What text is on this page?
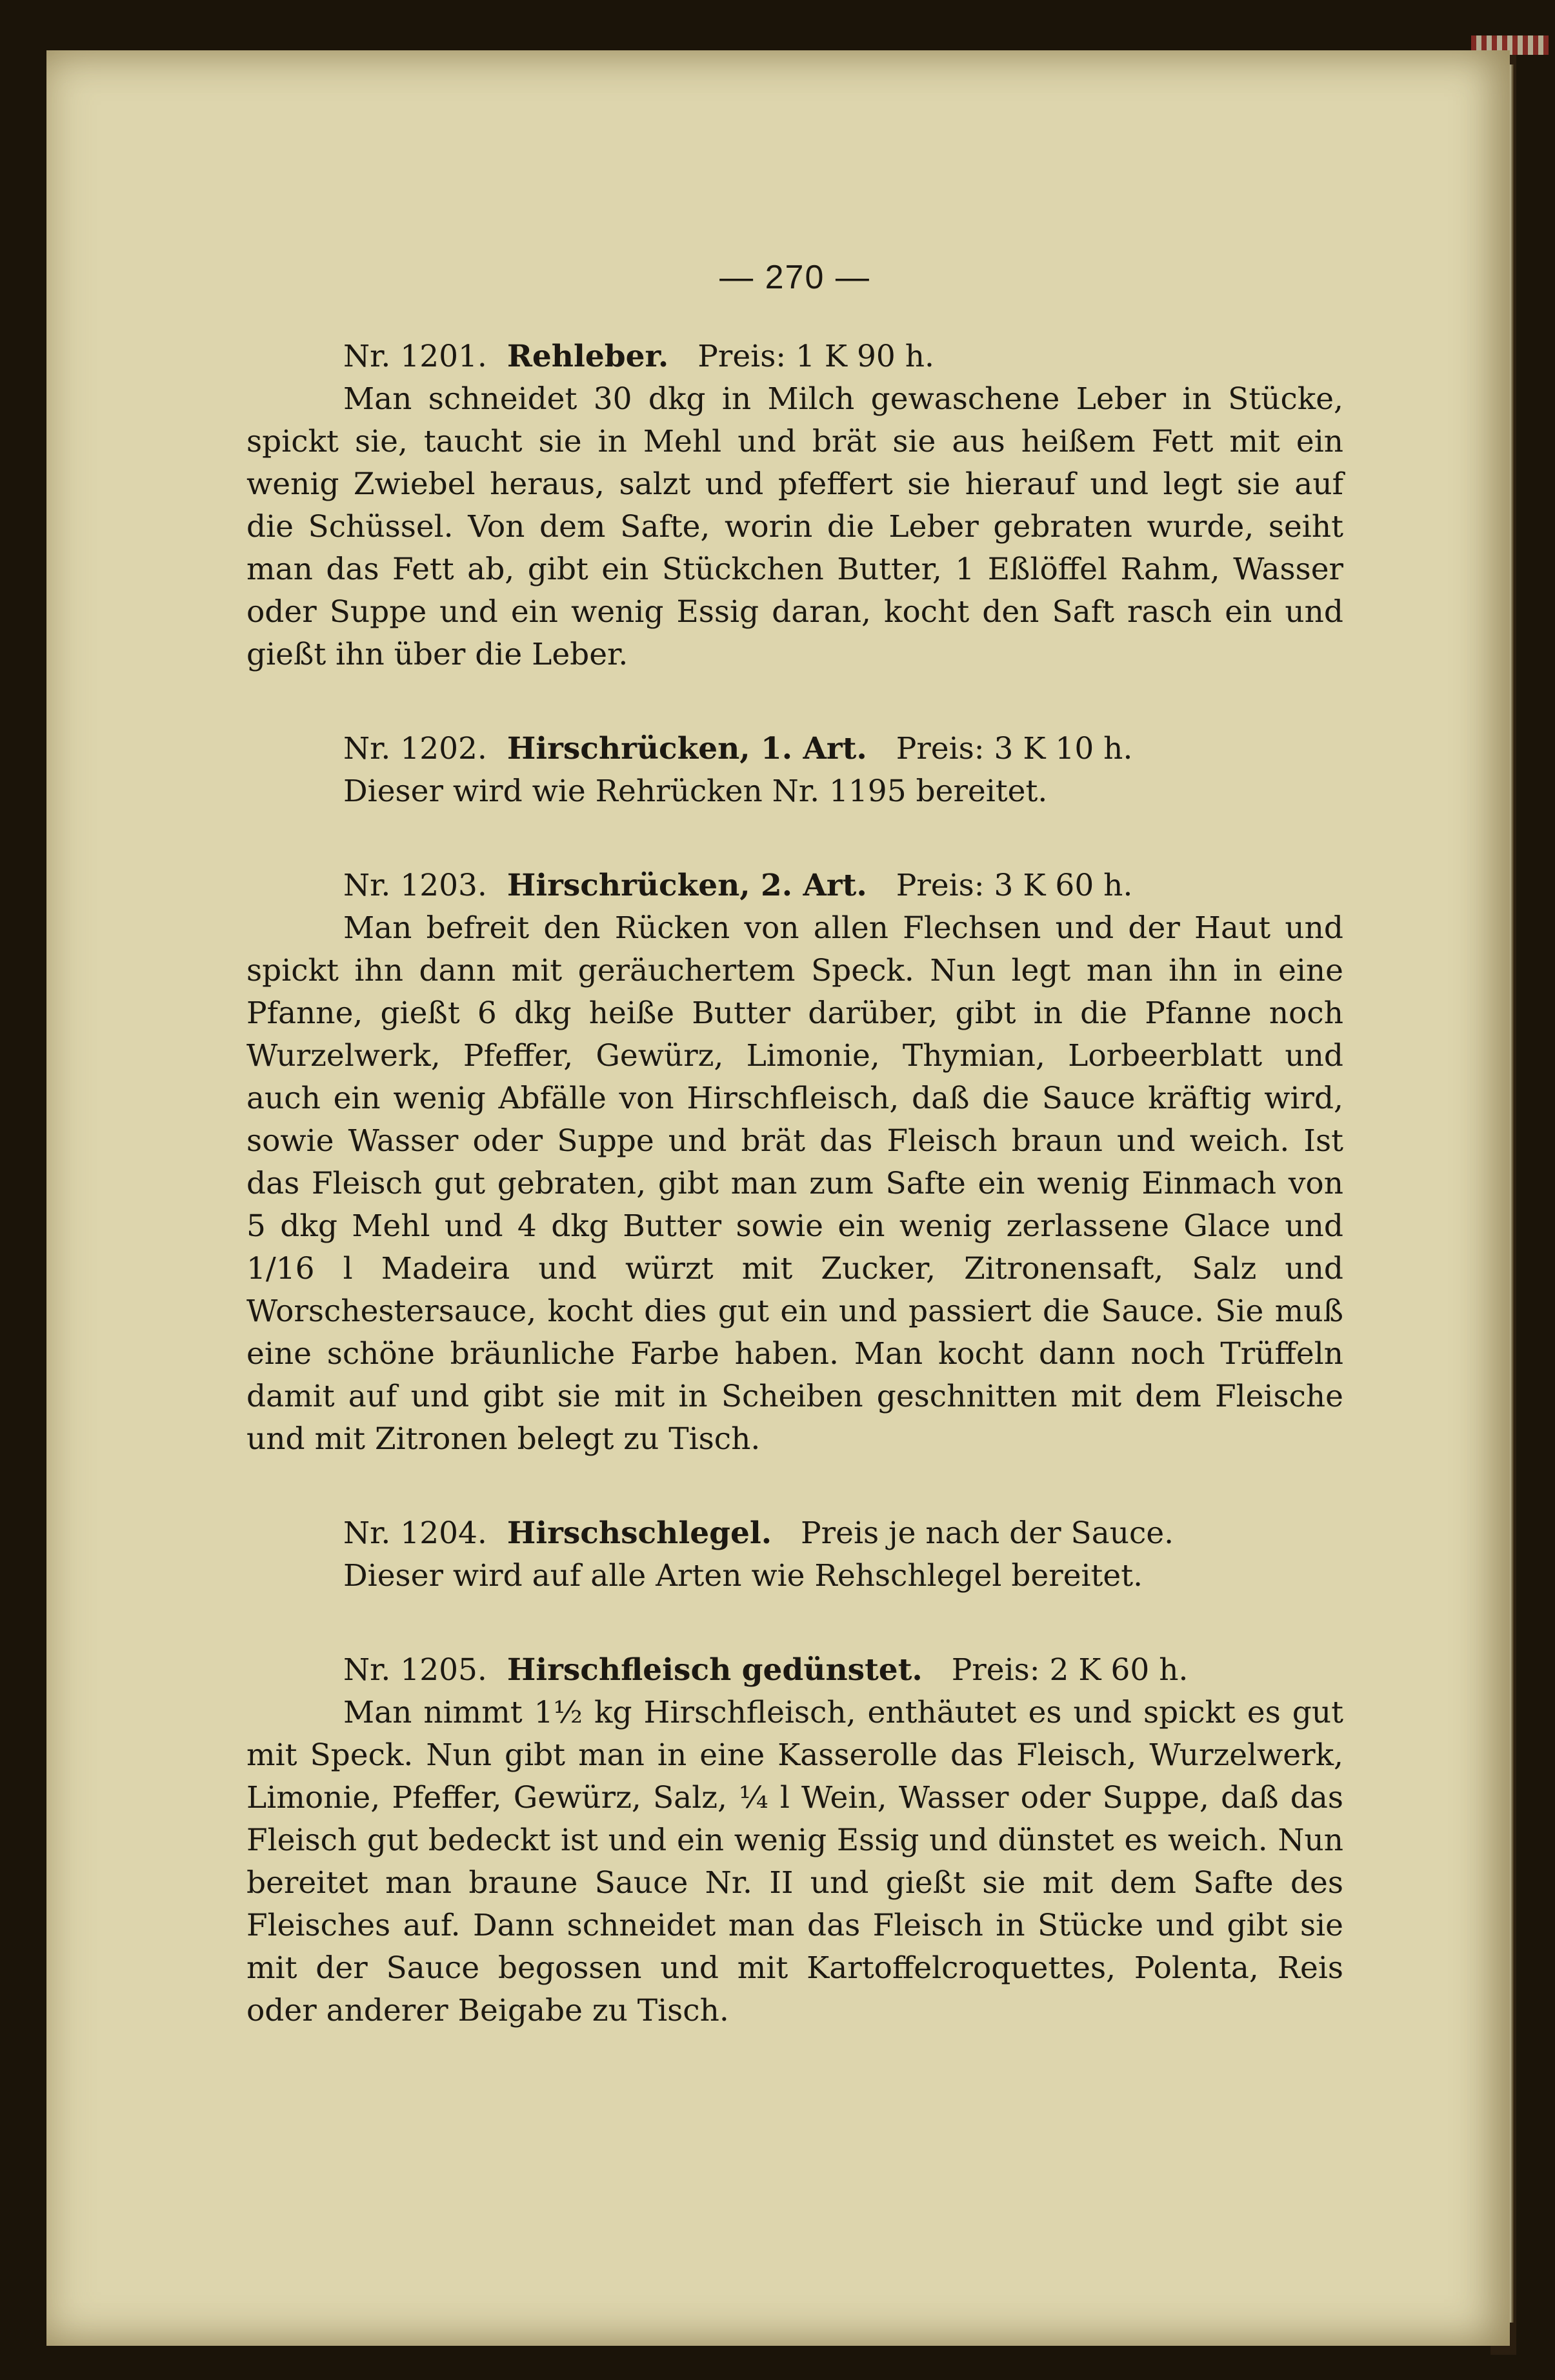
— 270 —
Nr. 1201. Rehleber. Preis: 1 K 90 h.

Man schneidet 30 dkg in Milch gewaschene Leber in Stücke, spickt sie, taucht sie in Mehl und brät sie aus heißem Fett mit ein wenig Zwiebel heraus, salzt und pfeffert sie hierauf und legt sie auf die Schüssel. Von dem Safte, worin die Leber gebraten wurde, seiht man das Fett ab, gibt ein Stückchen Butter, 1 Eßlöffel Rahm, Wasser oder Suppe und ein wenig Essig daran, kocht den Saft rasch ein und gießt ihn über die Leber.

Nr. 1202. Hirschrücken, 1. Art. Preis: 3 K 10 h.

Dieser wird wie Rehrücken Nr. 1195 bereitet.

Nr. 1203. Hirschrücken, 2. Art. Preis: 3 K 60 h.

Man befreit den Rücken von allen Flechsen und der Haut und spickt ihn dann mit geräuchertem Speck. Nun legt man ihn in eine Pfanne, gießt 6 dkg heiße Butter darüber, gibt in die Pfanne noch Wurzelwerk, Pfeffer, Gewürz, Limonie, Thymian, Lorbeerblatt und auch ein wenig Abfälle von Hirschfleisch, daß die Sauce kräftig wird, sowie Wasser oder Suppe und brät das Fleisch braun und weich. Ist das Fleisch gut gebraten, gibt man zum Safte ein wenig Einmach von 5 dkg Mehl und 4 dkg Butter sowie ein wenig zerlassene Glace und 1/16 l Madeira und würzt mit Zucker, Zitronensaft, Salz und Worschestersauce, kocht dies gut ein und passiert die Sauce. Sie muß eine schöne bräunliche Farbe haben. Man kocht dann noch Trüffeln damit auf und gibt sie mit in Scheiben geschnitten mit dem Fleische und mit Zitronen belegt zu Tisch.

Nr. 1204. Hirschschlegel. Preis je nach der Sauce.

Dieser wird auf alle Arten wie Rehschlegel bereitet.

Nr. 1205. Hirschfleisch gedünstet. Preis: 2 K 60 h.

Man nimmt 1½ kg Hirschfleisch, enthäutet es und spickt es gut mit Speck. Nun gibt man in eine Kasserolle das Fleisch, Wurzelwerk, Limonie, Pfeffer, Gewürz, Salz, ¼ l Wein, Wasser oder Suppe, daß das Fleisch gut bedeckt ist und ein wenig Essig und dünstet es weich. Nun bereitet man braune Sauce Nr. II und gießt sie mit dem Safte des Fleisches auf. Dann schneidet man das Fleisch in Stücke und gibt sie mit der Sauce begossen und mit Kartoffelcroquettes, Polenta, Reis oder anderer Beigabe zu Tisch.
